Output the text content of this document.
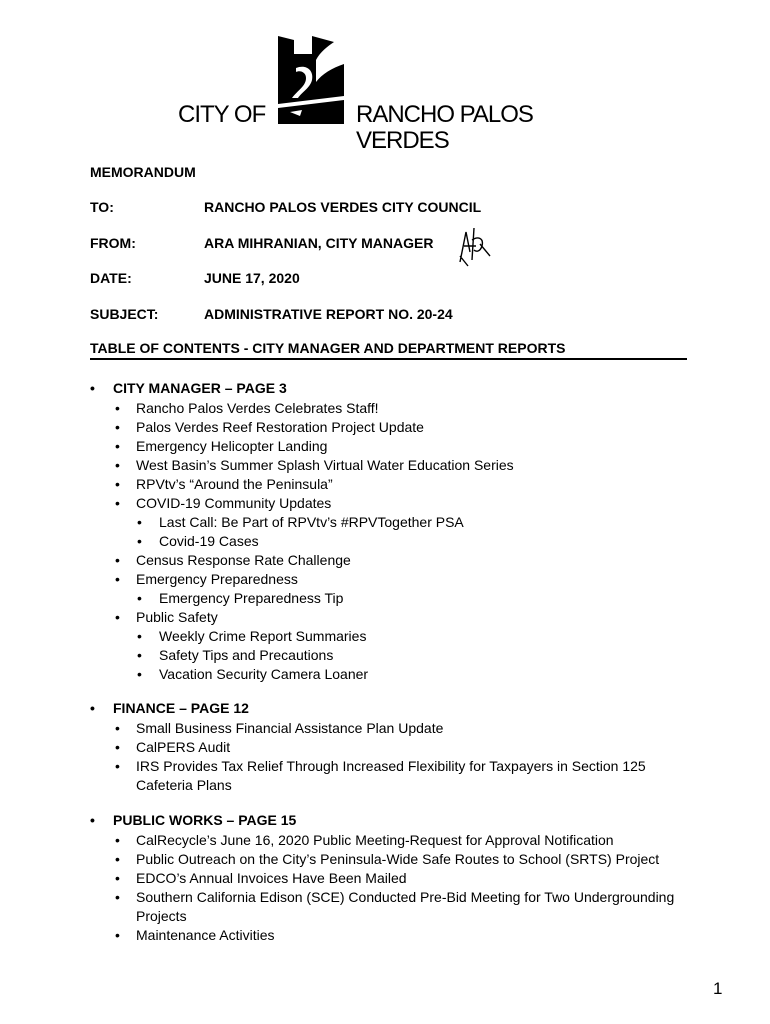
CITY OF	RANCHO PALOS VERDES
MEMORANDUM
TO:	RANCHO PALOS VERDES CITY COUNCIL
FROM:	ARA MIHRANIAN, CITY MANAGER
DATE:	JUNE 17, 2020
SUBJECT:	ADMINISTRATIVE REPORT NO. 20-24
TABLE OF CONTENTS - CITY MANAGER AND DEPARTMENT REPORTS
• CITY MANAGER – PAGE 3
• Rancho Palos Verdes Celebrates Staff!
• Palos Verdes Reef Restoration Project Update
• Emergency Helicopter Landing
• West Basin’s Summer Splash Virtual Water Education Series
• RPVtv’s “Around the Peninsula”
• COVID-19 Community Updates
• Last Call: Be Part of RPVtv’s #RPVTogether PSA
• Covid-19 Cases
• Census Response Rate Challenge
• Emergency Preparedness
• Emergency Preparedness Tip
• Public Safety
• Weekly Crime Report Summaries
• Safety Tips and Precautions
• Vacation Security Camera Loaner
• FINANCE – PAGE 12
• Small Business Financial Assistance Plan Update
• CalPERS Audit
• IRS Provides Tax Relief Through Increased Flexibility for Taxpayers in Section 125 Cafeteria Plans
• PUBLIC WORKS – PAGE 15
• CalRecycle’s June 16, 2020 Public Meeting-Request for Approval Notification
• Public Outreach on the City’s Peninsula-Wide Safe Routes to School (SRTS) Project
• EDCO’s Annual Invoices Have Been Mailed
• Southern California Edison (SCE) Conducted Pre-Bid Meeting for Two Undergrounding Projects
• Maintenance Activities
1
